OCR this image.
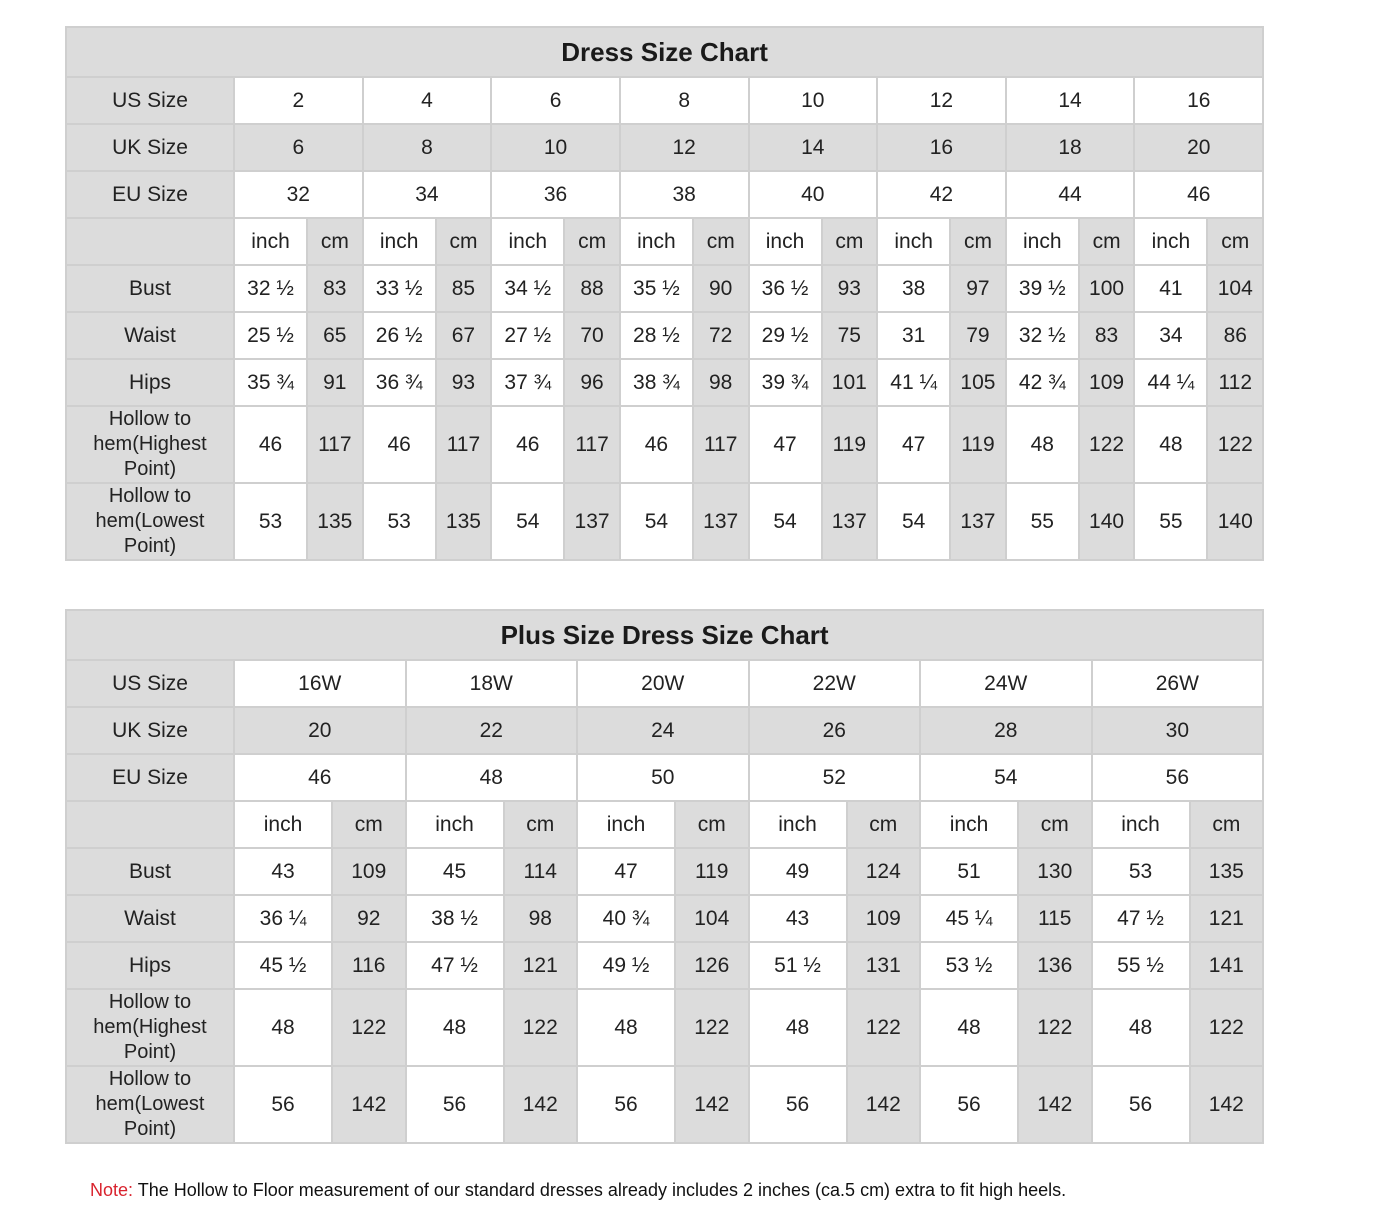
Dress Size Chart																
US Size	2		4		6		8		10		12		14		16	
UK Size	6		8		10		12		14		16		18		20	
EU Size	32		34		36		38		40		42		44		46	
	inch	cm	inch	cm	inch	cm	inch	cm	inch	cm	inch	cm	inch	cm	inch	cm
Bust	32 ½	83	33 ½	85	34 ½	88	35 ½	90	36 ½	93	38	97	39 ½	100	41	104
Waist	25 ½	65	26 ½	67	27 ½	70	28 ½	72	29 ½	75	31	79	32 ½	83	34	86
Hips	35 ¾	91	36 ¾	93	37 ¾	96	38 ¾	98	39 ¾	101	41 ¼	105	42 ¾	109	44 ¼	112
Hollow to hem(Highest Point)	46	117	46	117	46	117	46	117	47	119	47	119	48	122	48	122
Hollow to hem(Lowest Point)	53	135	53	135	54	137	54	137	54	137	54	137	55	140	55	140
Plus Size Dress Size Chart												
US Size	16W		18W		20W		22W		24W		26W	
UK Size	20		22		24		26		28		30	
EU Size	46		48		50		52		54		56	
	inch	cm	inch	cm	inch	cm	inch	cm	inch	cm	inch	cm
Bust	43	109	45	114	47	119	49	124	51	130	53	135
Waist	36 ¼	92	38 ½	98	40 ¾	104	43	109	45 ¼	115	47 ½	121
Hips	45 ½	116	47 ½	121	49 ½	126	51 ½	131	53 ½	136	55 ½	141
Hollow to hem(Highest Point)	48	122	48	122	48	122	48	122	48	122	48	122
Hollow to hem(Lowest Point)	56	142	56	142	56	142	56	142	56	142	56	142
Note: The Hollow to Floor measurement of our standard dresses already includes 2 inches (ca.5 cm) extra to fit high heels.
